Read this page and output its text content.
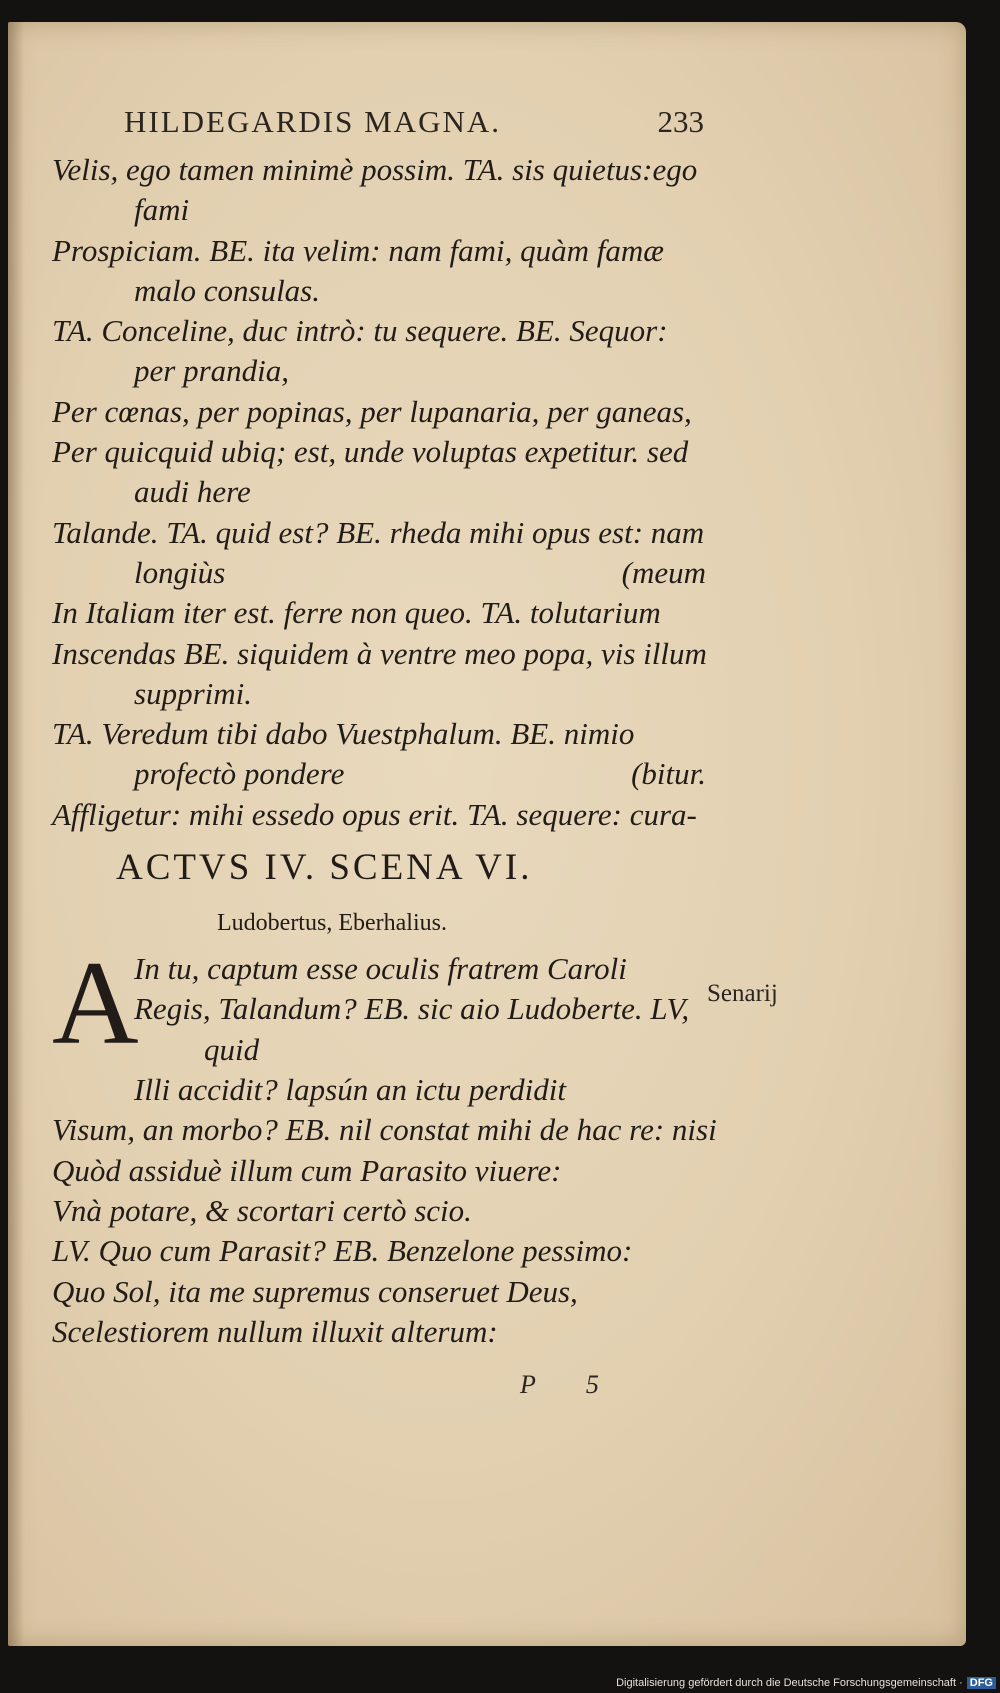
HILDEGARDIS MAGNA.	233
Velis, ego tamen minimè possim. TA. sis quietus:ego
fami
Prospiciam. BE. ita velim: nam fami, quàm famæ
malo consulas.
TA. Conceline, duc intrò: tu sequere. BE. Sequor:
per prandia,
Per cœnas, per popinas, per lupanaria, per ganeas,
Per quicquid ubiq; est, unde voluptas expetitur. sed
audi here
Talande. TA. quid est? BE. rheda mihi opus est: nam
longiùs	(meum
In Italiam iter est. ferre non queo. TA. tolutarium
Inscendas BE. siquidem à ventre meo popa, vis illum
supprimi.
TA. Veredum tibi dabo Vuestphalum. BE. nimio
profectò pondere	(bitur.
Affligetur: mihi essedo opus erit. TA. sequere: cura-
ACTVS IV. SCENA VI.
Ludobertus, Eberhalius.
A
In tu, captum esse oculis fratrem Caroli
Regis, Talandum? EB. sic aio Ludoberte. LV,
quid
Illi accidit? lapsún an ictu perdidit
Visum, an morbo? EB. nil constat mihi de hac re: nisi
Quòd assiduè illum cum Parasito viuere:
Vnà potare, & scortari certò scio.
LV. Quo cum Parasit? EB. Benzelone pessimo:
Quo Sol, ita me supremus conseruet Deus,
Scelestiorem nullum illuxit alterum:
Senarij
P 5
Digitalisierung gefördert durch die Deutsche Forschungsgemeinschaft · DFG
